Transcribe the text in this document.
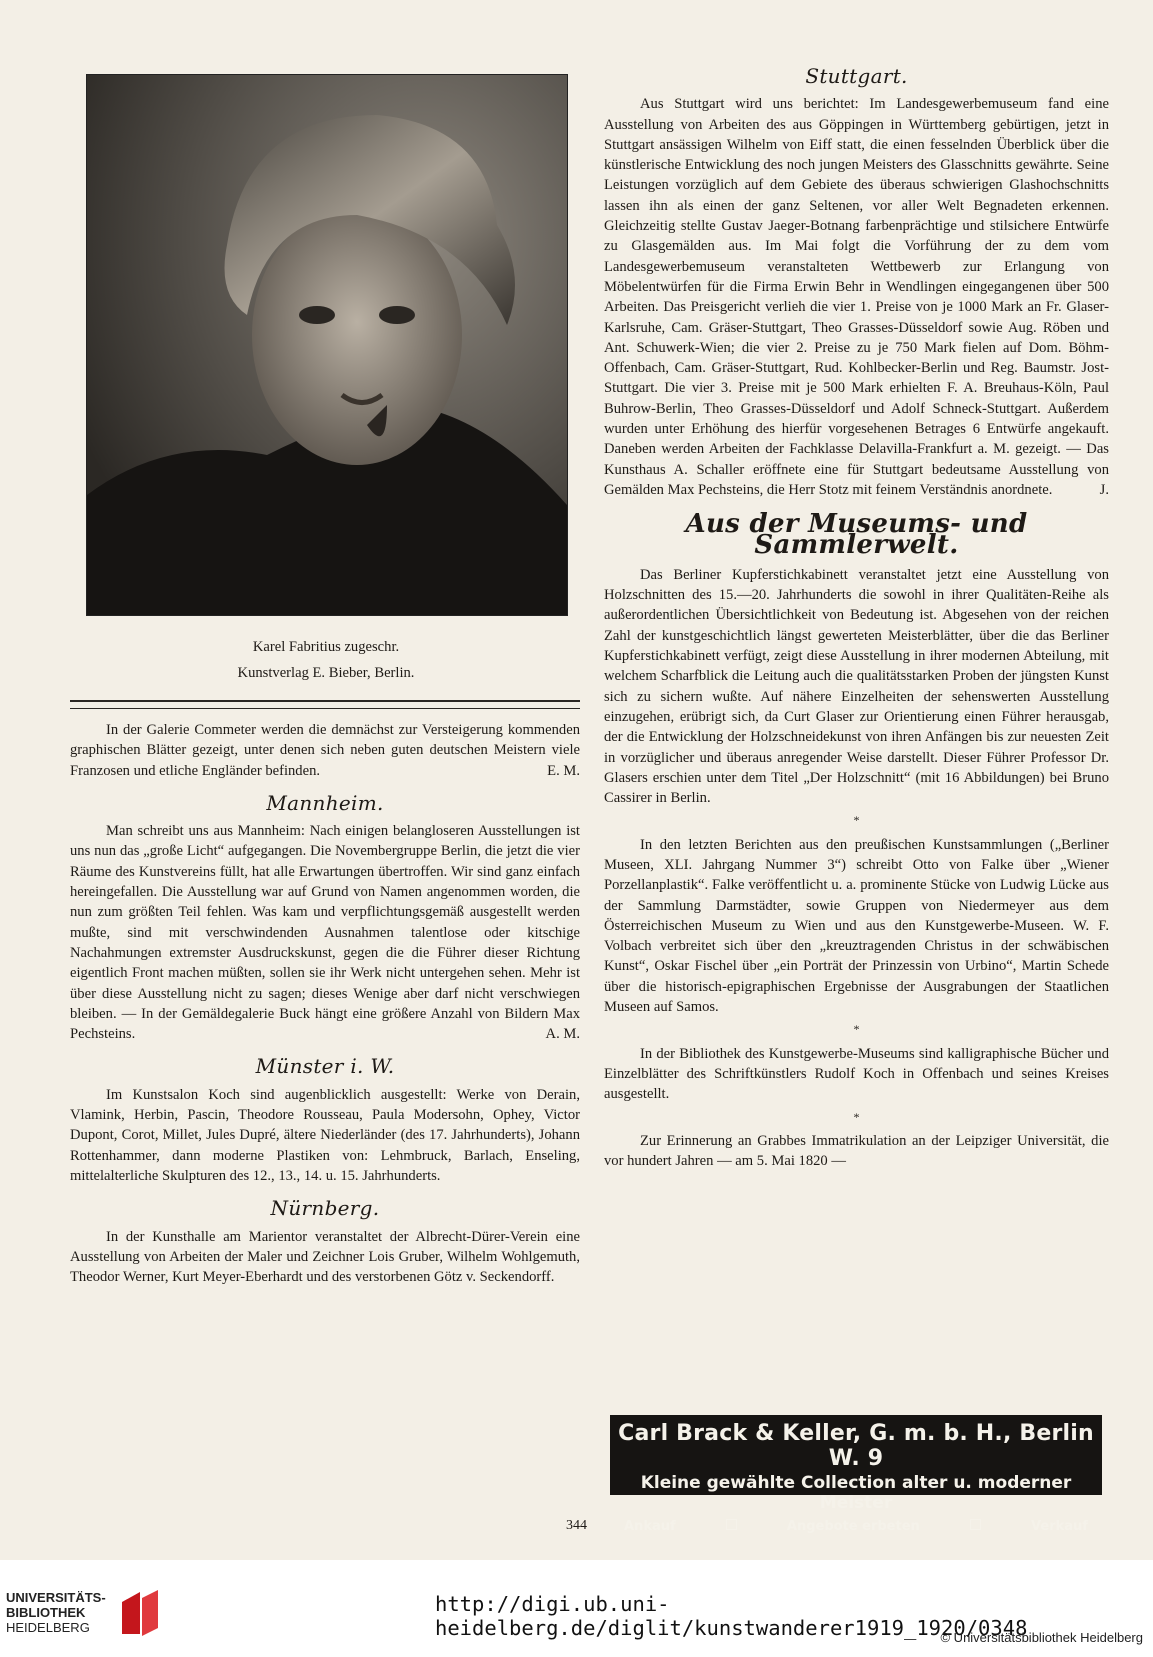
Karel Fabritius zugeschr.
Kunstverlag E. Bieber, Berlin.

In der Galerie Commeter werden die demnächst zur Versteigerung kommenden graphischen Blätter gezeigt, unter denen sich neben guten deutschen Meistern viele Franzosen und etliche Engländer befinden.	E. M.

Mannheim.

Man schreibt uns aus Mannheim: Nach einigen belangloseren Ausstellungen ist uns nun das „große Licht“ aufgegangen. Die Novembergruppe Berlin, die jetzt die vier Räume des Kunstvereins füllt, hat alle Erwartungen übertroffen. Wir sind ganz einfach hereingefallen. Die Ausstellung war auf Grund von Namen angenommen worden, die nun zum größten Teil fehlen. Was kam und verpflichtungsgemäß ausgestellt werden mußte, sind mit verschwindenden Ausnahmen talentlose oder kitschige Nachahmungen extremster Ausdruckskunst, gegen die die Führer dieser Richtung eigentlich Front machen müßten, sollen sie ihr Werk nicht untergehen sehen. Mehr ist über diese Ausstellung nicht zu sagen; dieses Wenige aber darf nicht verschwiegen bleiben. — In der Gemäldegalerie Buck hängt eine größere Anzahl von Bildern Max Pechsteins.	A. M.

Münster i. W.

Im Kunstsalon Koch sind augenblicklich ausgestellt: Werke von Derain, Vlamink, Herbin, Pascin, Theodore Rousseau, Paula Modersohn, Ophey, Victor Dupont, Corot, Millet, Jules Dupré, ältere Niederländer (des 17. Jahrhunderts), Johann Rottenhammer, dann moderne Plastiken von: Lehmbruck, Barlach, Enseling, mittelalterliche Skulpturen des 12., 13., 14. u. 15. Jahrhunderts.

Nürnberg.

In der Kunsthalle am Marientor veranstaltet der Albrecht-Dürer-Verein eine Ausstellung von Arbeiten der Maler und Zeichner Lois Gruber, Wilhelm Wohlgemuth, Theodor Werner, Kurt Meyer-Eberhardt und des verstorbenen Götz v. Seckendorff.

Stuttgart.

Aus Stuttgart wird uns berichtet: Im Landesgewerbemuseum fand eine Ausstellung von Arbeiten des aus Göppingen in Württemberg gebürtigen, jetzt in Stuttgart ansässigen Wilhelm von Eiff statt, die einen fesselnden Überblick über die künstlerische Entwicklung des noch jungen Meisters des Glasschnitts gewährte. Seine Leistungen vorzüglich auf dem Gebiete des überaus schwierigen Glashochschnitts lassen ihn als einen der ganz Seltenen, vor aller Welt Begnadeten erkennen. Gleichzeitig stellte Gustav Jaeger-Botnang farbenprächtige und stilsichere Entwürfe zu Glasgemälden aus. Im Mai folgt die Vorführung der zu dem vom Landesgewerbemuseum veranstalteten Wettbewerb zur Erlangung von Möbelentwürfen für die Firma Erwin Behr in Wendlingen eingegangenen über 500 Arbeiten. Das Preisgericht verlieh die vier 1. Preise von je 1000 Mark an Fr. Glaser-Karlsruhe, Cam. Gräser-Stuttgart, Theo Grasses-Düsseldorf sowie Aug. Röben und Ant. Schuwerk-Wien; die vier 2. Preise zu je 750 Mark fielen auf Dom. Böhm-Offenbach, Cam. Gräser-Stuttgart, Rud. Kohlbecker-Berlin und Reg. Baumstr. Jost-Stuttgart. Die vier 3. Preise mit je 500 Mark erhielten F. A. Breuhaus-Köln, Paul Buhrow-Berlin, Theo Grasses-Düsseldorf und Adolf Schneck-Stuttgart. Außerdem wurden unter Erhöhung des hierfür vorgesehenen Betrages 6 Entwürfe angekauft. Daneben werden Arbeiten der Fachklasse Delavilla-Frankfurt a. M. gezeigt. — Das Kunsthaus A. Schaller eröffnete eine für Stuttgart bedeutsame Ausstellung von Gemälden Max Pechsteins, die Herr Stotz mit feinem Verständnis anordnete.	J.

Aus der Museums- und Sammlerwelt.

Das Berliner Kupferstichkabinett veranstaltet jetzt eine Ausstellung von Holzschnitten des 15.—20. Jahrhunderts die sowohl in ihrer Qualitäten-Reihe als außerordentlichen Übersichtlichkeit von Bedeutung ist. Abgesehen von der reichen Zahl der kunstgeschichtlich längst gewerteten Meisterblätter, über die das Berliner Kupferstichkabinett verfügt, zeigt diese Ausstellung in ihrer modernen Abteilung, mit welchem Scharfblick die Leitung auch die qualitätsstarken Proben der jüngsten Kunst sich zu sichern wußte. Auf nähere Einzelheiten der sehenswerten Ausstellung einzugehen, erübrigt sich, da Curt Glaser zur Orientierung einen Führer herausgab, der die Entwicklung der Holzschneidekunst von ihren Anfängen bis zur neuesten Zeit in vorzüglicher und überaus anregender Weise darstellt. Dieser Führer Professor Dr. Glasers erschien unter dem Titel „Der Holzschnitt“ (mit 16 Abbildungen) bei Bruno Cassirer in Berlin.

*

In den letzten Berichten aus den preußischen Kunstsammlungen („Berliner Museen, XLI. Jahrgang Nummer 3“) schreibt Otto von Falke über „Wiener Porzellanplastik“. Falke veröffentlicht u. a. prominente Stücke von Ludwig Lücke aus der Sammlung Darmstädter, sowie Gruppen von Niedermeyer aus dem Österreichischen Museum zu Wien und aus den Kunstgewerbe-Museen. W. F. Volbach verbreitet sich über den „kreuztragenden Christus in der schwäbischen Kunst“, Oskar Fischel über „ein Porträt der Prinzessin von Urbino“, Martin Schede über die historisch-epigraphischen Ergebnisse der Ausgrabungen der Staatlichen Museen auf Samos.

*

In der Bibliothek des Kunstgewerbe-Museums sind kalligraphische Bücher und Einzelblätter des Schriftkünstlers Rudolf Koch in Offenbach und seines Kreises ausgestellt.

*

Zur Erinnerung an Grabbes Immatrikulation an der Leipziger Universität, die vor hundert Jahren — am 5. Mai 1820 —

Carl Brack & Keller, G. m. b. H., Berlin W. 9
Kleine gewählte Collection alter u. moderner Meister
Ankauf	Angebote erbeten	Verkauf
344
UNIVERSITÄTS-
BIBLIOTHEK
HEIDELBERG
http://digi.ub.uni-heidelberg.de/diglit/kunstwanderer1919_1920/0348
© Universitätsbibliothek Heidelberg
